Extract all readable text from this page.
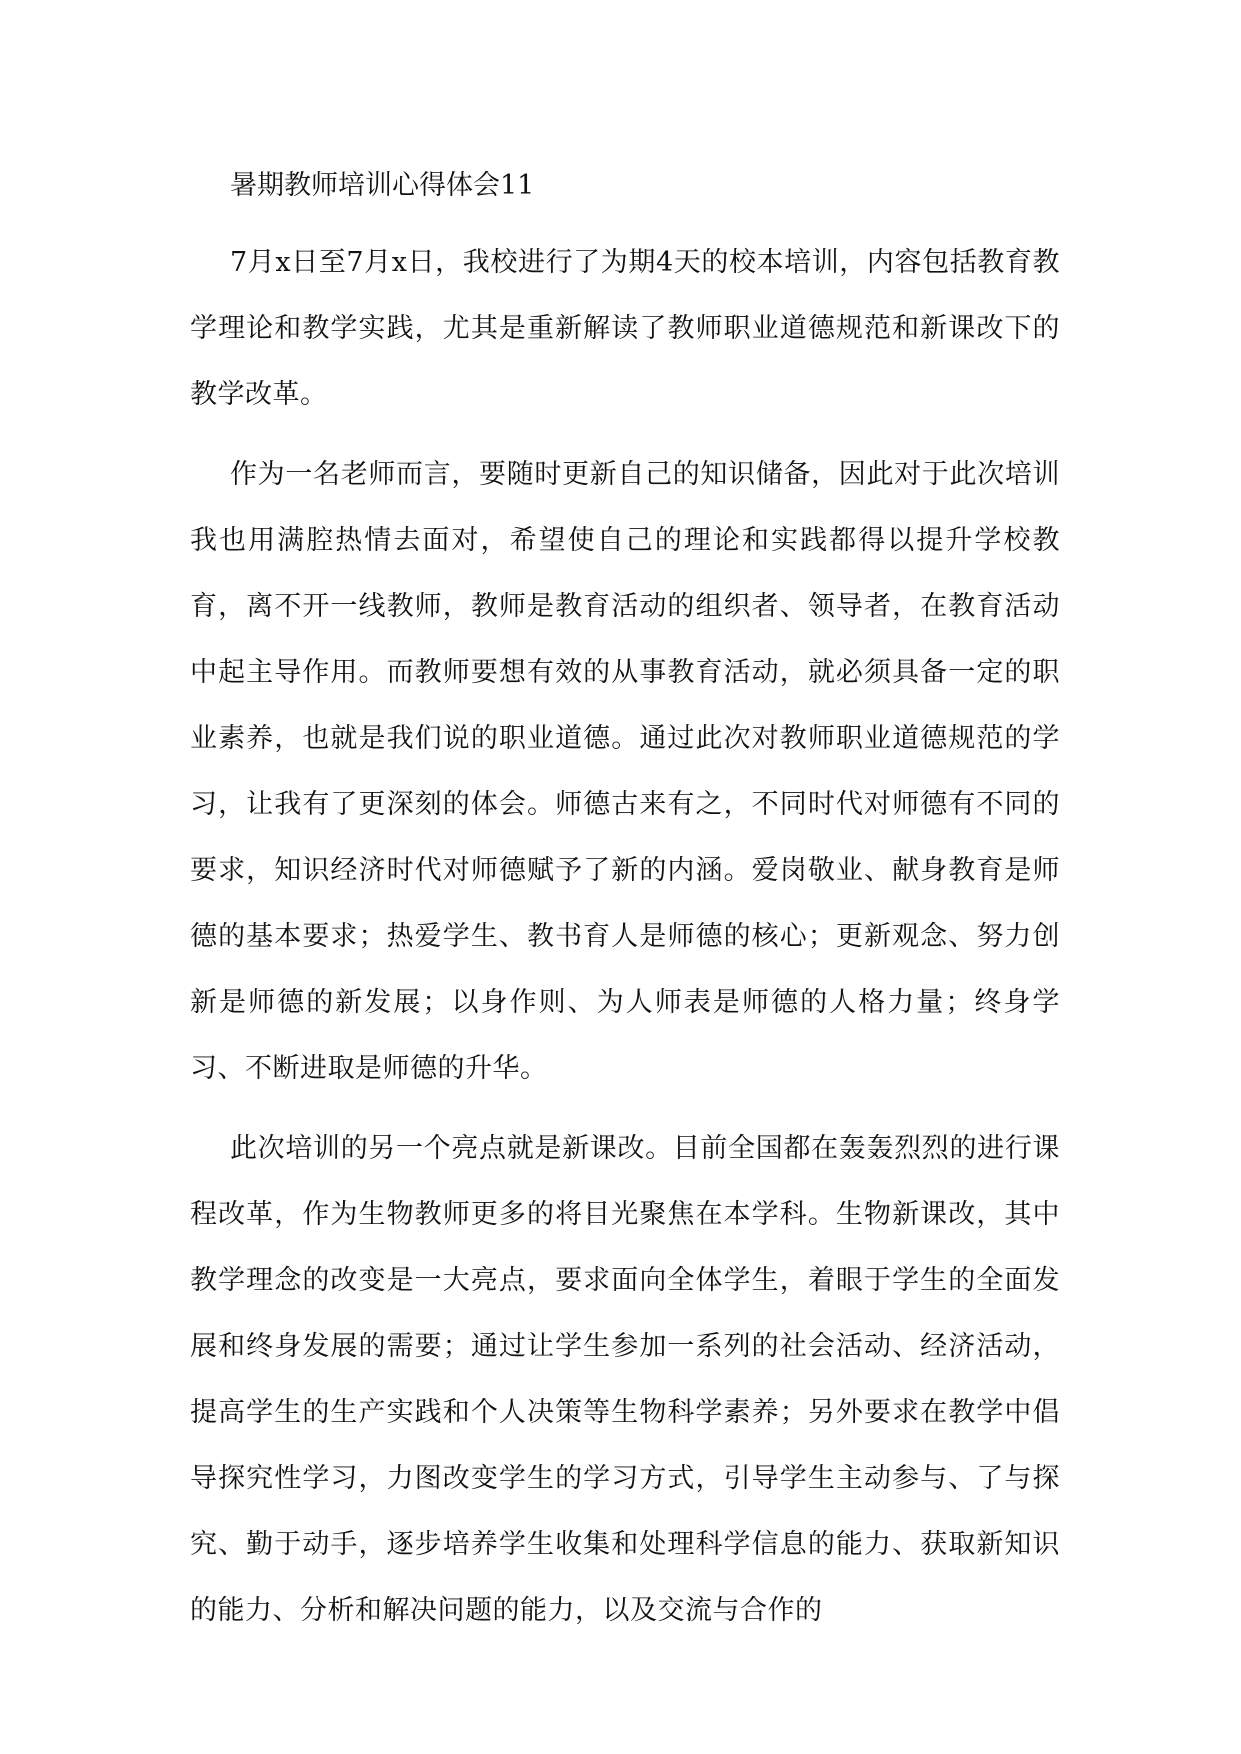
暑期教师培训心得体会11

7月x日至7月x日，我校进行了为期4天的校本培训，内容包括教育教学理论和教学实践，尤其是重新解读了教师职业道德规范和新课改下的教学改革。

作为一名老师而言，要随时更新自己的知识储备，因此对于此次培训我也用满腔热情去面对，希望使自己的理论和实践都得以提升学校教育，离不开一线教师，教师是教育活动的组织者、领导者，在教育活动中起主导作用。而教师要想有效的从事教育活动，就必须具备一定的职业素养，也就是我们说的职业道德。通过此次对教师职业道德规范的学习，让我有了更深刻的体会。师德古来有之，不同时代对师德有不同的要求，知识经济时代对师德赋予了新的内涵。爱岗敬业、献身教育是师德的基本要求；热爱学生、教书育人是师德的核心；更新观念、努力创新是师德的新发展；以身作则、为人师表是师德的人格力量；终身学习、不断进取是师德的升华。

此次培训的另一个亮点就是新课改。目前全国都在轰轰烈烈的进行课程改革，作为生物教师更多的将目光聚焦在本学科。生物新课改，其中教学理念的改变是一大亮点，要求面向全体学生，着眼于学生的全面发展和终身发展的需要；通过让学生参加一系列的社会活动、经济活动，提高学生的生产实践和个人决策等生物科学素养；另外要求在教学中倡导探究性学习，力图改变学生的学习方式，引导学生主动参与、了与探究、勤于动手，逐步培养学生收集和处理科学信息的能力、获取新知识的能力、分析和解决问题的能力，以及交流与合作的
